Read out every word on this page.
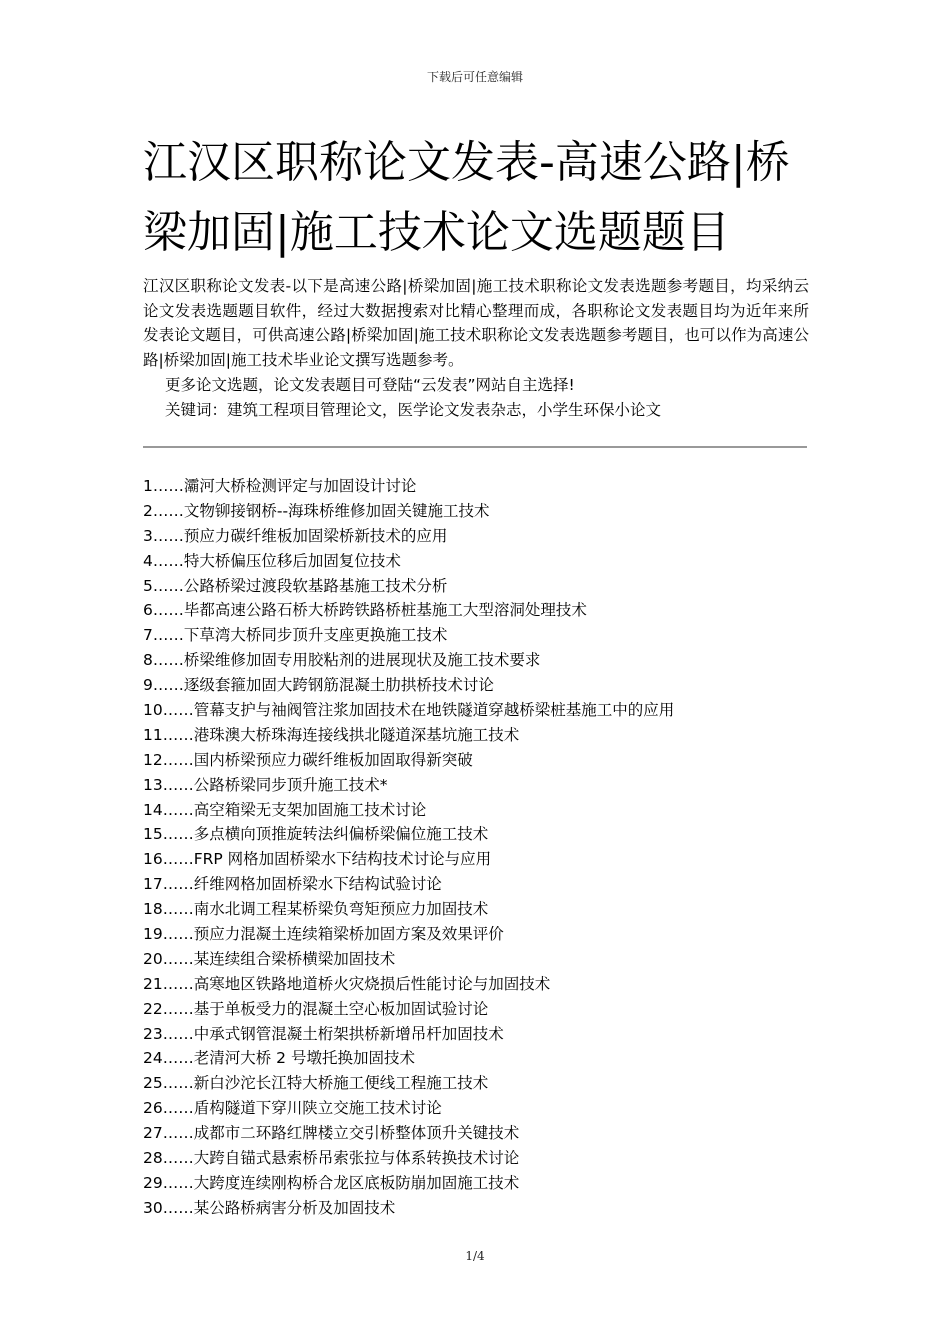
下载后可任意编辑
江汉区职称论文发表-高速公路|桥梁加固|施工技术论文选题题目

江汉区职称论文发表-以下是高速公路|桥梁加固|施工技术职称论文发表选题参考题目，均采纳云论文发表选题题目软件，经过大数据搜索对比精心整理而成，各职称论文发表题目均为近年来所发表论文题目，可供高速公路|桥梁加固|施工技术职称论文发表选题参考题目，也可以作为高速公路|桥梁加固|施工技术毕业论文撰写选题参考。

更多论文选题，论文发表题目可登陆“云发表”网站自主选择!

关键词：建筑工程项目管理论文，医学论文发表杂志，小学生环保小论文

1……灞河大桥检测评定与加固设计讨论
2……文物铆接钢桥--海珠桥维修加固关键施工技术
3……预应力碳纤维板加固梁桥新技术的应用
4……特大桥偏压位移后加固复位技术
5……公路桥梁过渡段软基路基施工技术分析
6……毕都高速公路石桥大桥跨铁路桥桩基施工大型溶洞处理技术
7……下草湾大桥同步顶升支座更换施工技术
8……桥梁维修加固专用胶粘剂的进展现状及施工技术要求
9……逐级套箍加固大跨钢筋混凝土肋拱桥技术讨论
10……管幕支护与袖阀管注浆加固技术在地铁隧道穿越桥梁桩基施工中的应用
11……港珠澳大桥珠海连接线拱北隧道深基坑施工技术
12……国内桥梁预应力碳纤维板加固取得新突破
13……公路桥梁同步顶升施工技术*
14……高空箱梁无支架加固施工技术讨论
15……多点横向顶推旋转法纠偏桥梁偏位施工技术
16……FRP 网格加固桥梁水下结构技术讨论与应用
17……纤维网格加固桥梁水下结构试验讨论
18……南水北调工程某桥梁负弯矩预应力加固技术
19……预应力混凝土连续箱梁桥加固方案及效果评价
20……某连续组合梁桥横梁加固技术
21……高寒地区铁路地道桥火灾烧损后性能讨论与加固技术
22……基于单板受力的混凝土空心板加固试验讨论
23……中承式钢管混凝土桁架拱桥新增吊杆加固技术
24……老清河大桥 2 号墩托换加固技术
25……新白沙沱长江特大桥施工便线工程施工技术
26……盾构隧道下穿川陕立交施工技术讨论
27……成都市二环路红牌楼立交引桥整体顶升关键技术
28……大跨自锚式悬索桥吊索张拉与体系转换技术讨论
29……大跨度连续刚构桥合龙区底板防崩加固施工技术
30……某公路桥病害分析及加固技术
1/4
